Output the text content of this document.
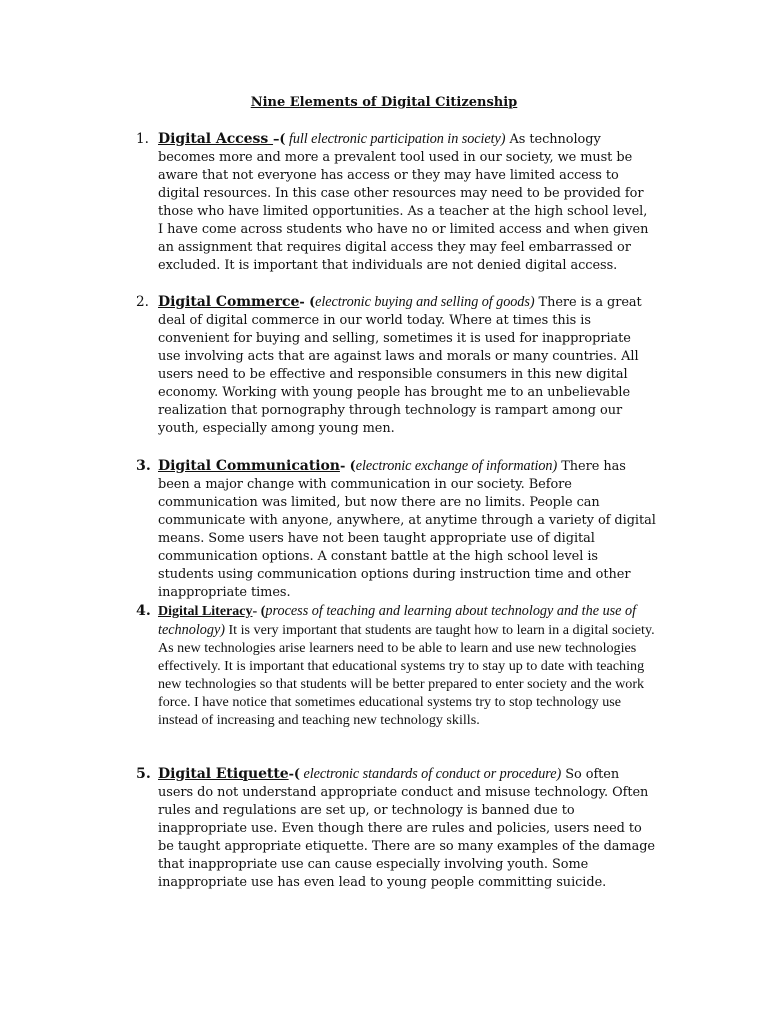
Nine Elements of Digital Citizenship
1. Digital Access –( full electronic participation in society) As technology becomes more and more a prevalent tool used in our society, we must be aware that not everyone has access or they may have limited access to digital resources. In this case other resources may need to be provided for those who have limited opportunities. As a teacher at the high school level, I have come across students who have no or limited access and when given an assignment that requires digital access they may feel embarrassed or excluded. It is important that individuals are not denied digital access.
2. Digital Commerce- (electronic buying and selling of goods) There is a great deal of digital commerce in our world today. Where at times this is convenient for buying and selling, sometimes it is used for inappropriate use involving acts that are against laws and morals or many countries. All users need to be effective and responsible consumers in this new digital economy. Working with young people has brought me to an unbelievable realization that pornography through technology is rampart among our youth, especially among young men.
3. Digital Communication- (electronic exchange of information) There has been a major change with communication in our society. Before communication was limited, but now there are no limits. People can communicate with anyone, anywhere, at anytime through a variety of digital means. Some users have not been taught appropriate use of digital communication options. A constant battle at the high school level is students using communication options during instruction time and other inappropriate times.
4. Digital Literacy- (process of teaching and learning about technology and the use of technology) It is very important that students are taught how to learn in a digital society. As new technologies arise learners need to be able to learn and use new technologies effectively. It is important that educational systems try to stay up to date with teaching new technologies so that students will be better prepared to enter society and the work force. I have notice that sometimes educational systems try to stop technology use instead of increasing and teaching new technology skills.
5. Digital Etiquette-( electronic standards of conduct or procedure) So often users do not understand appropriate conduct and misuse technology. Often rules and regulations are set up, or technology is banned due to inappropriate use. Even though there are rules and policies, users need to be taught appropriate etiquette. There are so many examples of the damage that inappropriate use can cause especially involving youth. Some inappropriate use has even lead to young people committing suicide.
